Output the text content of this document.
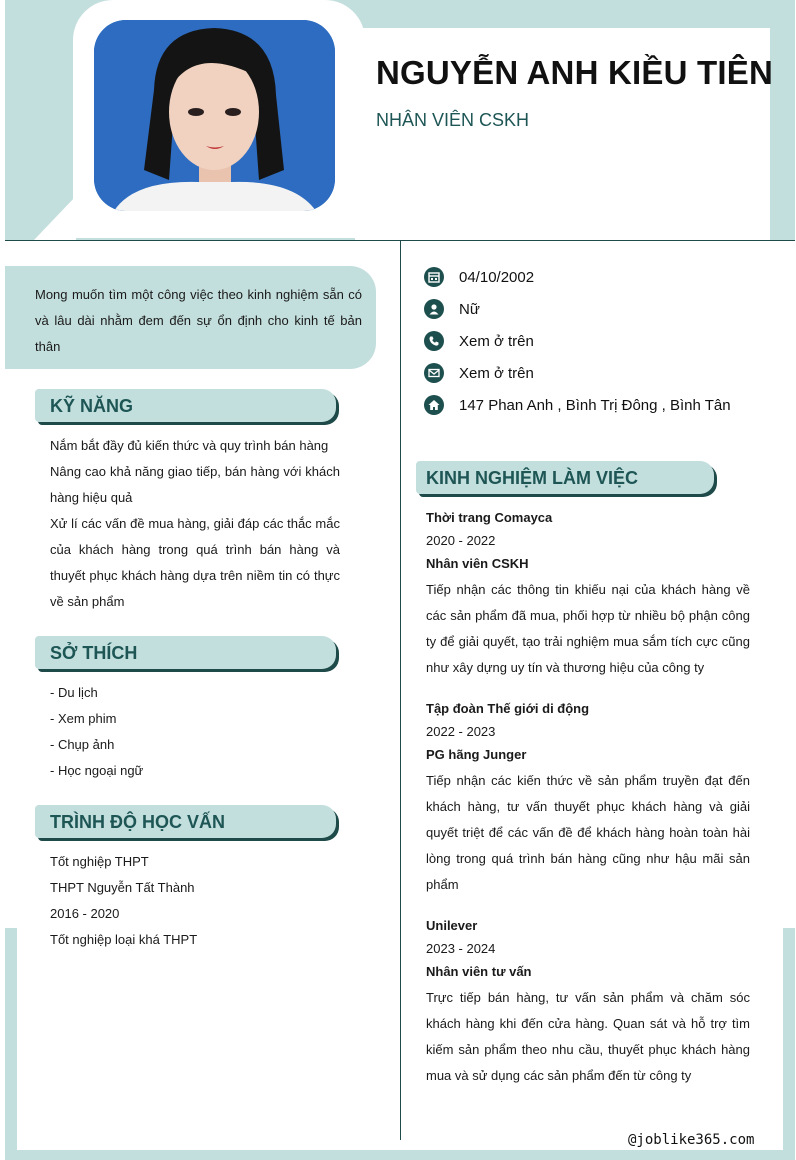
NGUYỄN ANH KIỀU TIÊN
NHÂN VIÊN CSKH
Mong muốn tìm một công việc theo kinh nghiệm sẵn có và lâu dài nhằm đem đến sự ổn định cho kinh tế bản thân
KỸ NĂNG
Nắm bắt đầy đủ kiến thức và quy trình bán hàng
Nâng cao khả năng giao tiếp, bán hàng với khách hàng hiệu quả
Xử lí các vấn đề mua hàng, giải đáp các thắc mắc của khách hàng trong quá trình bán hàng và thuyết phục khách hàng dựa trên niềm tin có thực về sản phẩm
SỞ THÍCH
- Du lịch
- Xem phim
- Chụp ảnh
- Học ngoại ngữ
TRÌNH ĐỘ HỌC VẤN
Tốt nghiệp THPT
THPT Nguyễn Tất Thành
2016 - 2020
Tốt nghiệp loại khá THPT
04/10/2002
Nữ
Xem ở trên
Xem ở trên
147 Phan Anh , Bình Trị Đông , Bình Tân
KINH NGHIỆM LÀM VIỆC
Thời trang Comayca
2020 - 2022
Nhân viên CSKH
Tiếp nhận các thông tin khiếu nại của khách hàng về các sản phẩm đã mua, phối hợp từ nhiều bộ phận công ty để giải quyết, tạo trải nghiệm mua sắm tích cực cũng như xây dựng uy tín và thương hiệu của công ty
Tập đoàn Thế giới di động
2022 - 2023
PG hãng Junger
Tiếp nhận các kiến thức về sản phẩm truyền đạt đến khách hàng, tư vấn thuyết phục khách hàng và giải quyết triệt để các vấn đề để khách hàng hoàn toàn hài lòng trong quá trình bán hàng cũng như hậu mãi sản phẩm
Unilever
2023 - 2024
Nhân viên tư vấn
Trực tiếp bán hàng, tư vấn sản phẩm và chăm sóc khách hàng khi đến cửa hàng. Quan sát và hỗ trợ tìm kiếm sản phẩm theo nhu cầu, thuyết phục khách hàng mua và sử dụng các sản phẩm đến từ công ty
@joblike365.com
